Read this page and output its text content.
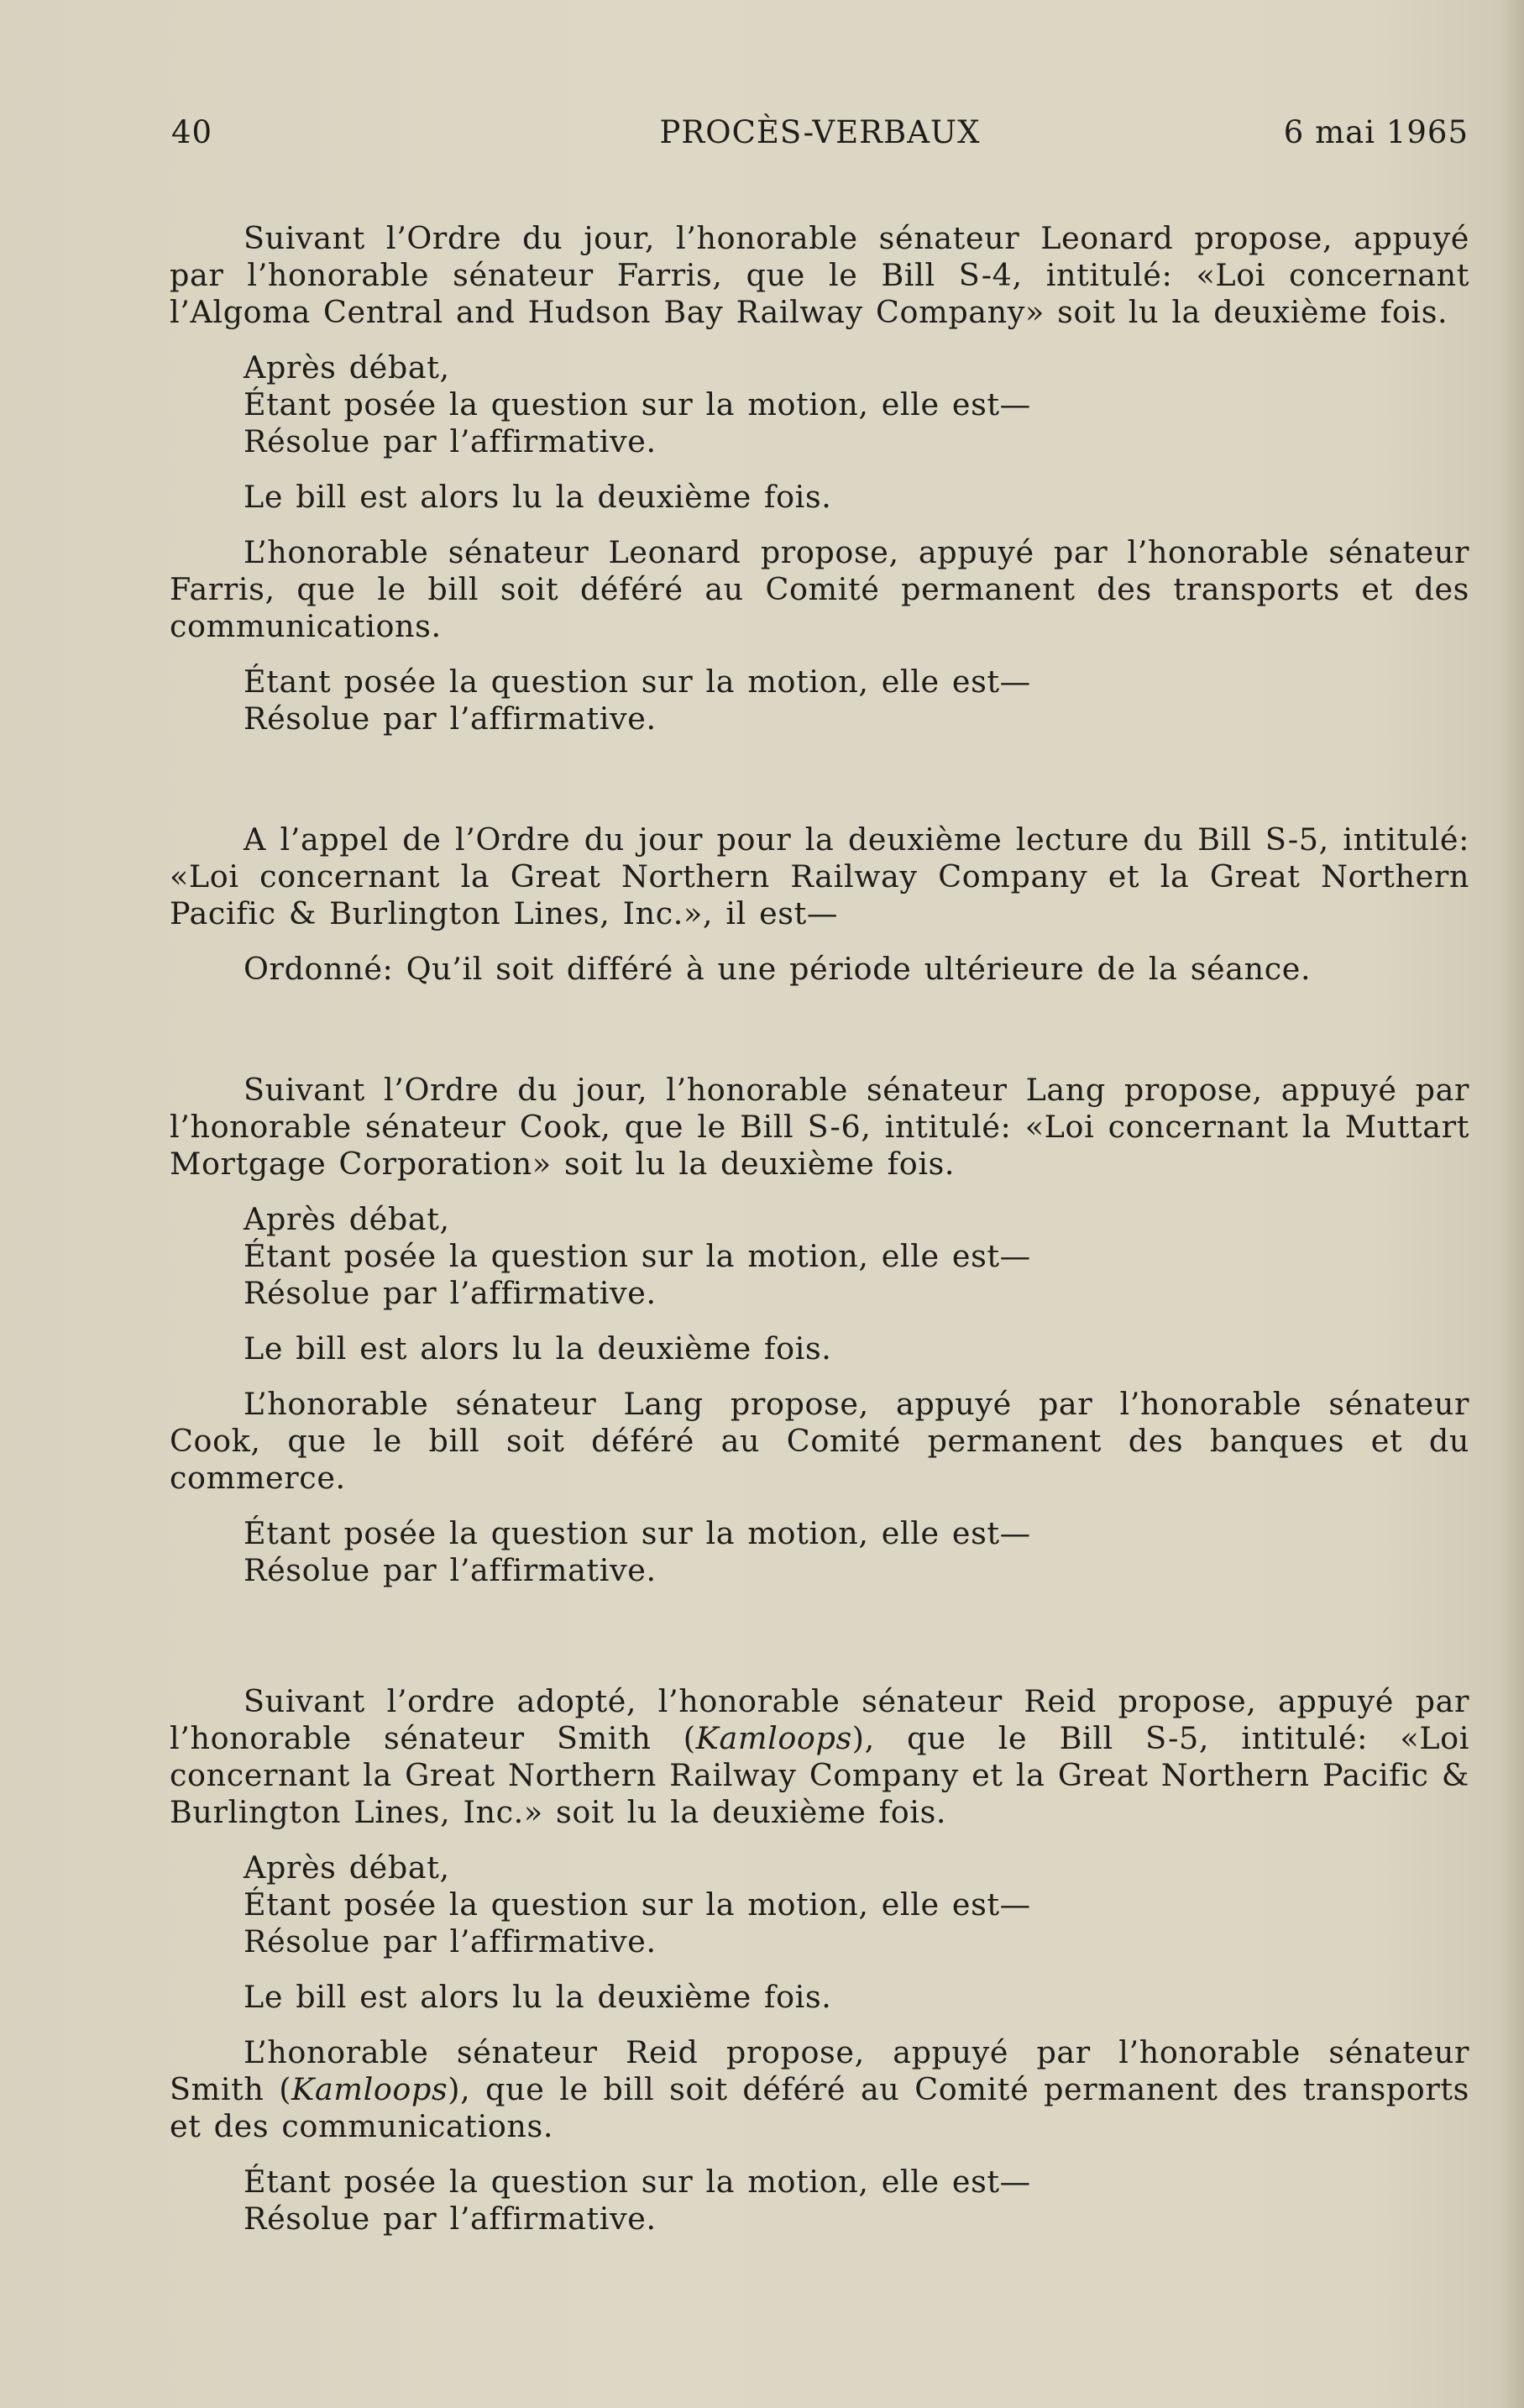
40	PROCÈS-VERBAUX	6 mai 1965

Suivant l’Ordre du jour, l’honorable sénateur Leonard propose, appuyé par l’honorable sénateur Farris, que le Bill S-4, intitulé: «Loi concernant l’Algoma Central and Hudson Bay Railway Company» soit lu la deuxième fois.

Après débat,
Étant posée la question sur la motion, elle est—
Résolue par l’affirmative.
Le bill est alors lu la deuxième fois.

L’honorable sénateur Leonard propose, appuyé par l’honorable sénateur Farris, que le bill soit déféré au Comité permanent des transports et des communications.

Étant posée la question sur la motion, elle est—
Résolue par l’affirmative.

A l’appel de l’Ordre du jour pour la deuxième lecture du Bill S-5, intitulé: «Loi concernant la Great Northern Railway Company et la Great Northern Pacific & Burlington Lines, Inc.», il est—

Ordonné: Qu’il soit différé à une période ultérieure de la séance.

Suivant l’Ordre du jour, l’honorable sénateur Lang propose, appuyé par l’honorable sénateur Cook, que le Bill S-6, intitulé: «Loi concernant la Muttart Mortgage Corporation» soit lu la deuxième fois.

Après débat,
Étant posée la question sur la motion, elle est—
Résolue par l’affirmative.
Le bill est alors lu la deuxième fois.

L’honorable sénateur Lang propose, appuyé par l’honorable sénateur Cook, que le bill soit déféré au Comité permanent des banques et du commerce.

Étant posée la question sur la motion, elle est—
Résolue par l’affirmative.

Suivant l’ordre adopté, l’honorable sénateur Reid propose, appuyé par l’honorable sénateur Smith (Kamloops), que le Bill S-5, intitulé: «Loi concernant la Great Northern Railway Company et la Great Northern Pacific & Burlington Lines, Inc.» soit lu la deuxième fois.

Après débat,
Étant posée la question sur la motion, elle est—
Résolue par l’affirmative.
Le bill est alors lu la deuxième fois.

L’honorable sénateur Reid propose, appuyé par l’honorable sénateur Smith (Kamloops), que le bill soit déféré au Comité permanent des transports et des communications.

Étant posée la question sur la motion, elle est—
Résolue par l’affirmative.
